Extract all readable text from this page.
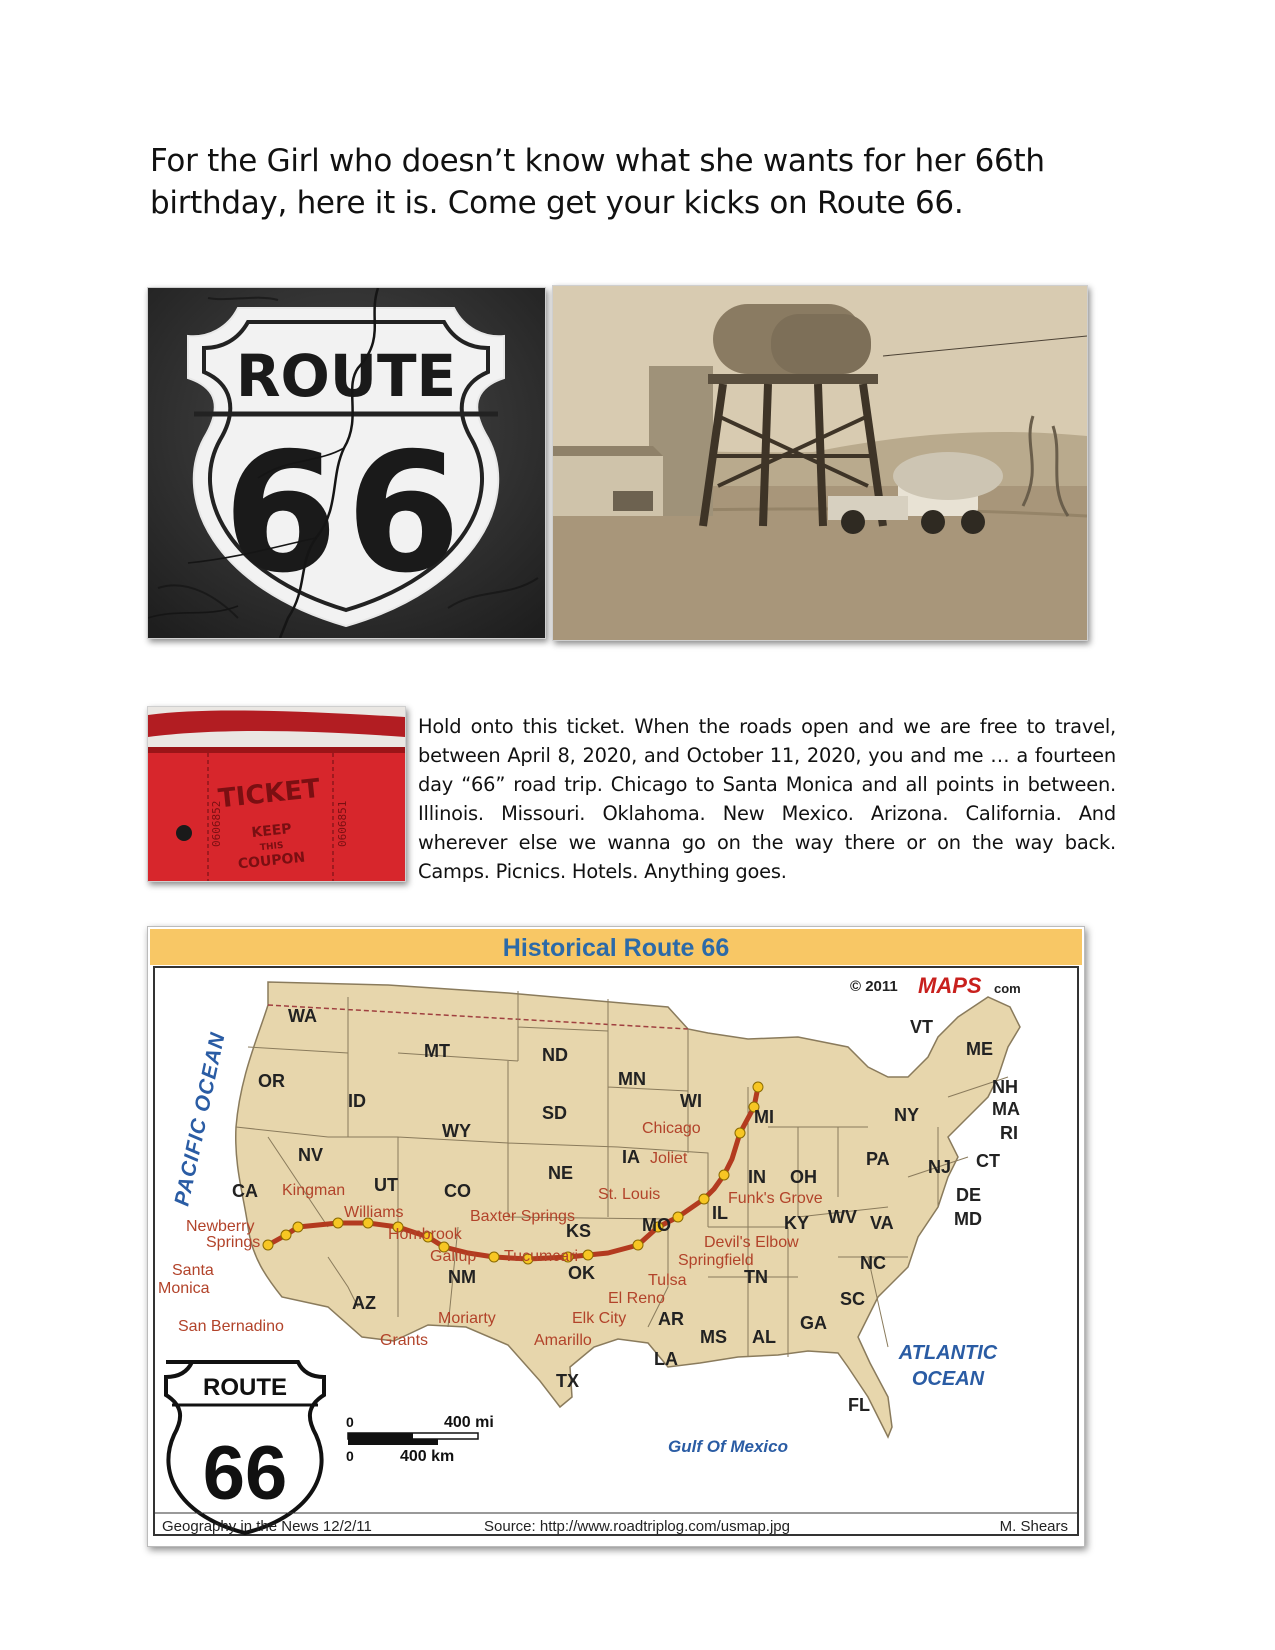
For the Girl who doesn’t know what she wants for her 66th birthday, here it is. Come get your kicks on Route 66.

ROUTE
66
TICKET
KEEP
THIS
COUPON
0606852	0606851

Hold onto this ticket. When the roads open and we are free to travel, between April 8, 2020, and October 11, 2020, you and me … a fourteen day “66” road trip. Chicago to Santa Monica and all points in between. Illinois. Missouri. Oklahoma. New Mexico. Arizona. California. And wherever else we wanna go on the way there or on the way back. Camps. Picnics. Hotels. Anything goes.

Historical Route 66
© 2011 MAPS com
PACIFIC OCEAN
ATLANTIC
OCEAN
Gulf Of Mexico
WA
OR
CA
NV
ID
MT
WY
UT	CO
AZ
NM
ND
SD
NE
KS
OK
TX
MN
IA
MO
AR
LA
WI
IL
MI
IN OH
KY
TN
MS AL
GA
FL
SC
NC
VA
WV
PA
NY
VT
ME
NH
MA
RI
CT
NJ
DE
MD
Chicago
Joliet
St. Louis	Funk's Grove
Baxter Springs
Devil's Elbow
Springfield
Tulsa
El Reno
Elk City
Amarillo
Tucumcari
Moriarty
Gallup
Grants
Hombrook
Williams
Kingman
Newberry
Springs
Santa
Monica
San Bernadino
ROUTE
66
0	400 mi
0	400 km
Geography in the News 12/2/11	Source: http://www.roadtriplog.com/usmap.jpg	M. Shears
